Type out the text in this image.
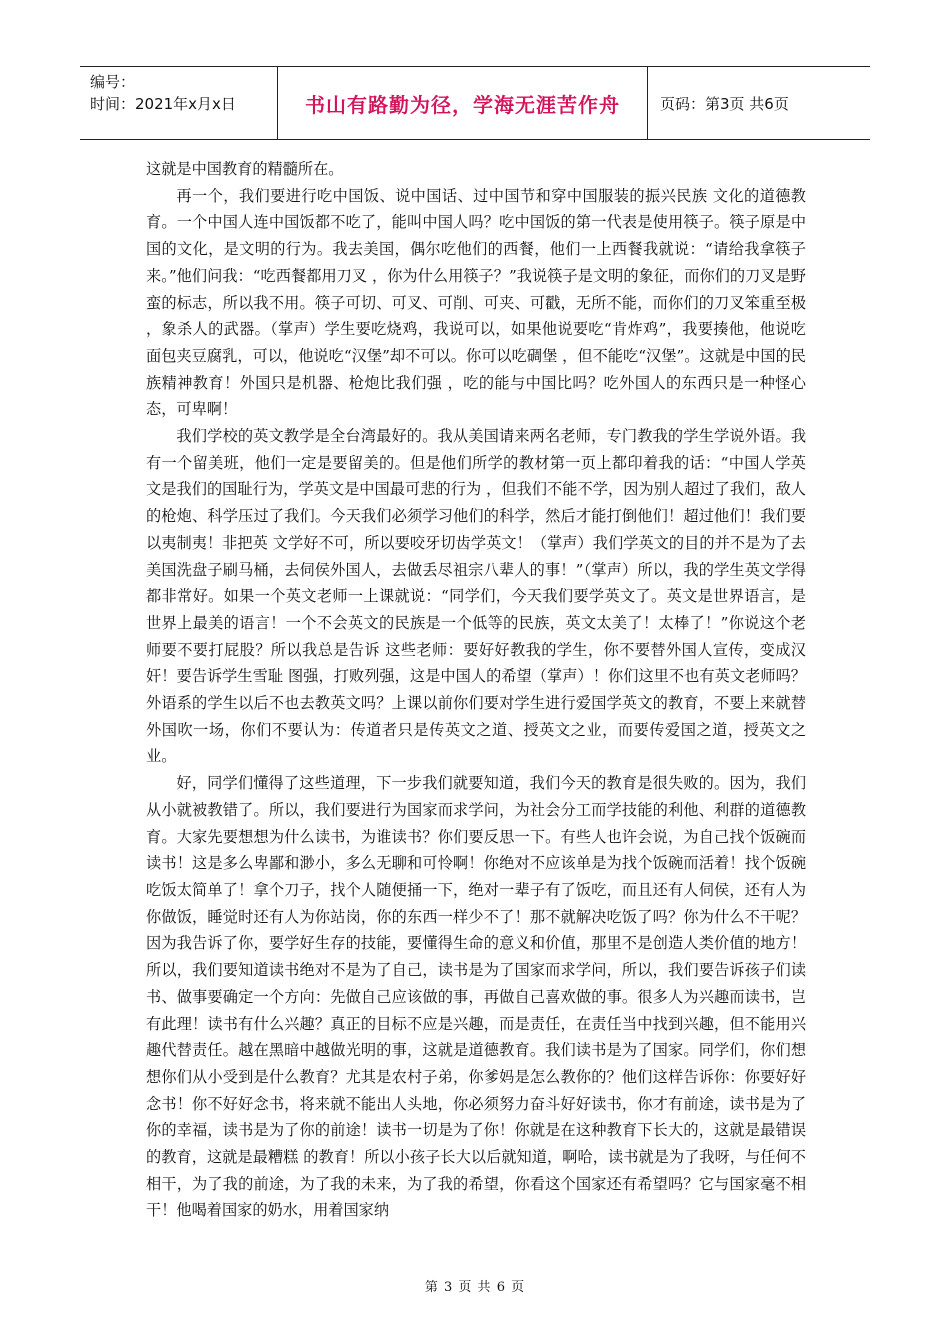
编号：
时间：2021年x月x日	书山有路勤为径，学海无涯苦作舟	页码：第3页 共6页

这就是中国教育的精髓所在。

再一个，我们要进行吃中国饭、说中国话、过中国节和穿中国服装的振兴民族 文化的道德教育。一个中国人连中国饭都不吃了，能叫中国人吗？吃中国饭的第一代表是使用筷子。筷子原是中国的文化，是文明的行为。我去美国，偶尔吃他们的西餐，他们一上西餐我就说：“请给我拿筷子来。”他们问我：“吃西餐都用刀叉 ，你为什么用筷子？”我说筷子是文明的象征，而你们的刀叉是野蛮的标志，所以我不用。筷子可切、可叉、可削、可夹、可戳，无所不能，而你们的刀叉笨重至极 ，象杀人的武器。（掌声）学生要吃烧鸡，我说可以，如果他说要吃“肯炸鸡”，我要揍他，他说吃面包夹豆腐乳，可以，他说吃“汉堡”却不可以。你可以吃碉堡 ，但不能吃“汉堡”。这就是中国的民族精神教育！外国只是机器、枪炮比我们强 ，吃的能与中国比吗？吃外国人的东西只是一种怪心态，可卑啊！

我们学校的英文教学是全台湾最好的。我从美国请来两名老师，专门教我的学生学说外语。我有一个留美班，他们一定是要留美的。但是他们所学的教材第一页上都印着我的话：“中国人学英文是我们的国耻行为，学英文是中国最可悲的行为 ，但我们不能不学，因为别人超过了我们，敌人的枪炮、科学压过了我们。今天我们必须学习他们的科学，然后才能打倒他们！超过他们！我们要以夷制夷！非把英 文学好不可，所以要咬牙切齿学英文！（掌声）我们学英文的目的并不是为了去美国洗盘子刷马桶，去伺侯外国人，去做丢尽祖宗八辈人的事！”（掌声）所以，我的学生英文学得都非常好。如果一个英文老师一上课就说：“同学们，今天我们要学英文了。英文是世界语言，是世界上最美的语言！一个不会英文的民族是一个低等的民族，英文太美了！太棒了！”你说这个老师要不要打屁股？所以我总是告诉 这些老师：要好好教我的学生，你不要替外国人宣传，变成汉奸！要告诉学生雪耻 图强，打败列强，这是中国人的希望（掌声）！你们这里不也有英文老师吗？外语系的学生以后不也去教英文吗？上课以前你们要对学生进行爱国学英文的教育，不要上来就替外国吹一场，你们不要认为：传道者只是传英文之道、授英文之业，而要传爱国之道，授英文之业。

好，同学们懂得了这些道理，下一步我们就要知道，我们今天的教育是很失败的。因为，我们从小就被教错了。所以，我们要进行为国家而求学问，为社会分工而学技能的利他、利群的道德教育。大家先要想想为什么读书，为谁读书？你们要反思一下。有些人也许会说，为自己找个饭碗而读书！这是多么卑鄙和渺小，多么无聊和可怜啊！你绝对不应该单是为找个饭碗而活着！找个饭碗吃饭太简单了！拿个刀子，找个人随便捅一下，绝对一辈子有了饭吃，而且还有人伺侯，还有人为你做饭，睡觉时还有人为你站岗，你的东西一样少不了！那不就解决吃饭了吗？你为什么不干呢？因为我告诉了你，要学好生存的技能，要懂得生命的意义和价值，那里不是创造人类价值的地方！所以，我们要知道读书绝对不是为了自己，读书是为了国家而求学问，所以，我们要告诉孩子们读书、做事要确定一个方向：先做自己应该做的事，再做自己喜欢做的事。很多人为兴趣而读书，岂有此理！读书有什么兴趣？真正的目标不应是兴趣，而是责任，在责任当中找到兴趣，但不能用兴趣代替责任。越在黑暗中越做光明的事，这就是道德教育。我们读书是为了国家。同学们，你们想想你们从小受到是什么教育？尤其是农村子弟，你爹妈是怎么教你的？他们这样告诉你：你要好好念书！你不好好念书，将来就不能出人头地，你必须努力奋斗好好读书，你才有前途，读书是为了你的幸福，读书是为了你的前途！读书一切是为了你！你就是在这种教育下长大的，这就是最错误的教育，这就是最糟糕 的教育！所以小孩子长大以后就知道，啊哈，读书就是为了我呀，与任何不相干，为了我的前途，为了我的未来，为了我的希望，你看这个国家还有希望吗？它与国家毫不相干！他喝着国家的奶水，用着国家纳

第 3 页 共 6 页
